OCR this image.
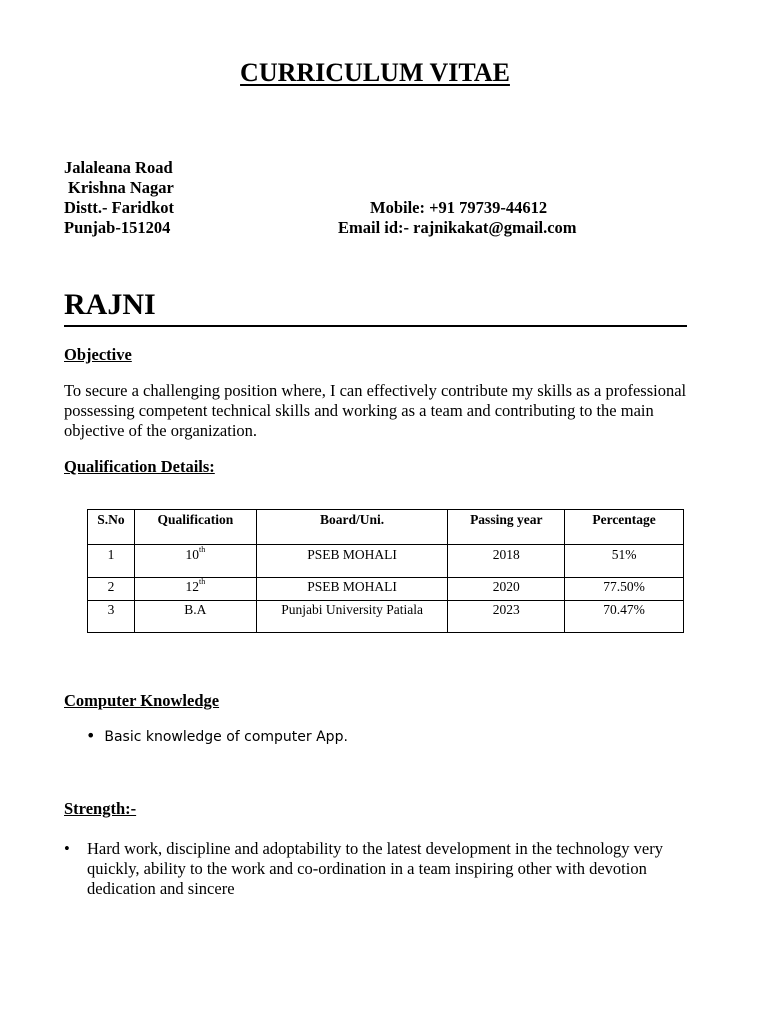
CURRICULUM VITAE
Jalaleana Road
Krishna Nagar
Distt.- Faridkot
Punjab-151204
Mobile: +91 79739-44612
Email id:- rajnikakat@gmail.com
RAJNI
Objective
To secure a challenging position where, I can effectively contribute my skills as a professional possessing competent technical skills and working as a team and contributing to the main objective of the organization.
Qualification Details:
S.No	Qualification	Board/Uni.	Passing year	Percentage
1	10th	PSEB MOHALI	2018	51%
2	12th	PSEB MOHALI	2020	77.50%
3	B.A	Punjabi University Patiala	2023	70.47%
Computer Knowledge
• Basic knowledge of computer App.
Strength:-
• Hard work, discipline and adoptability to the latest development in the technology very quickly, ability to the work and co-ordination in a team inspiring other with devotion dedication and sincere
